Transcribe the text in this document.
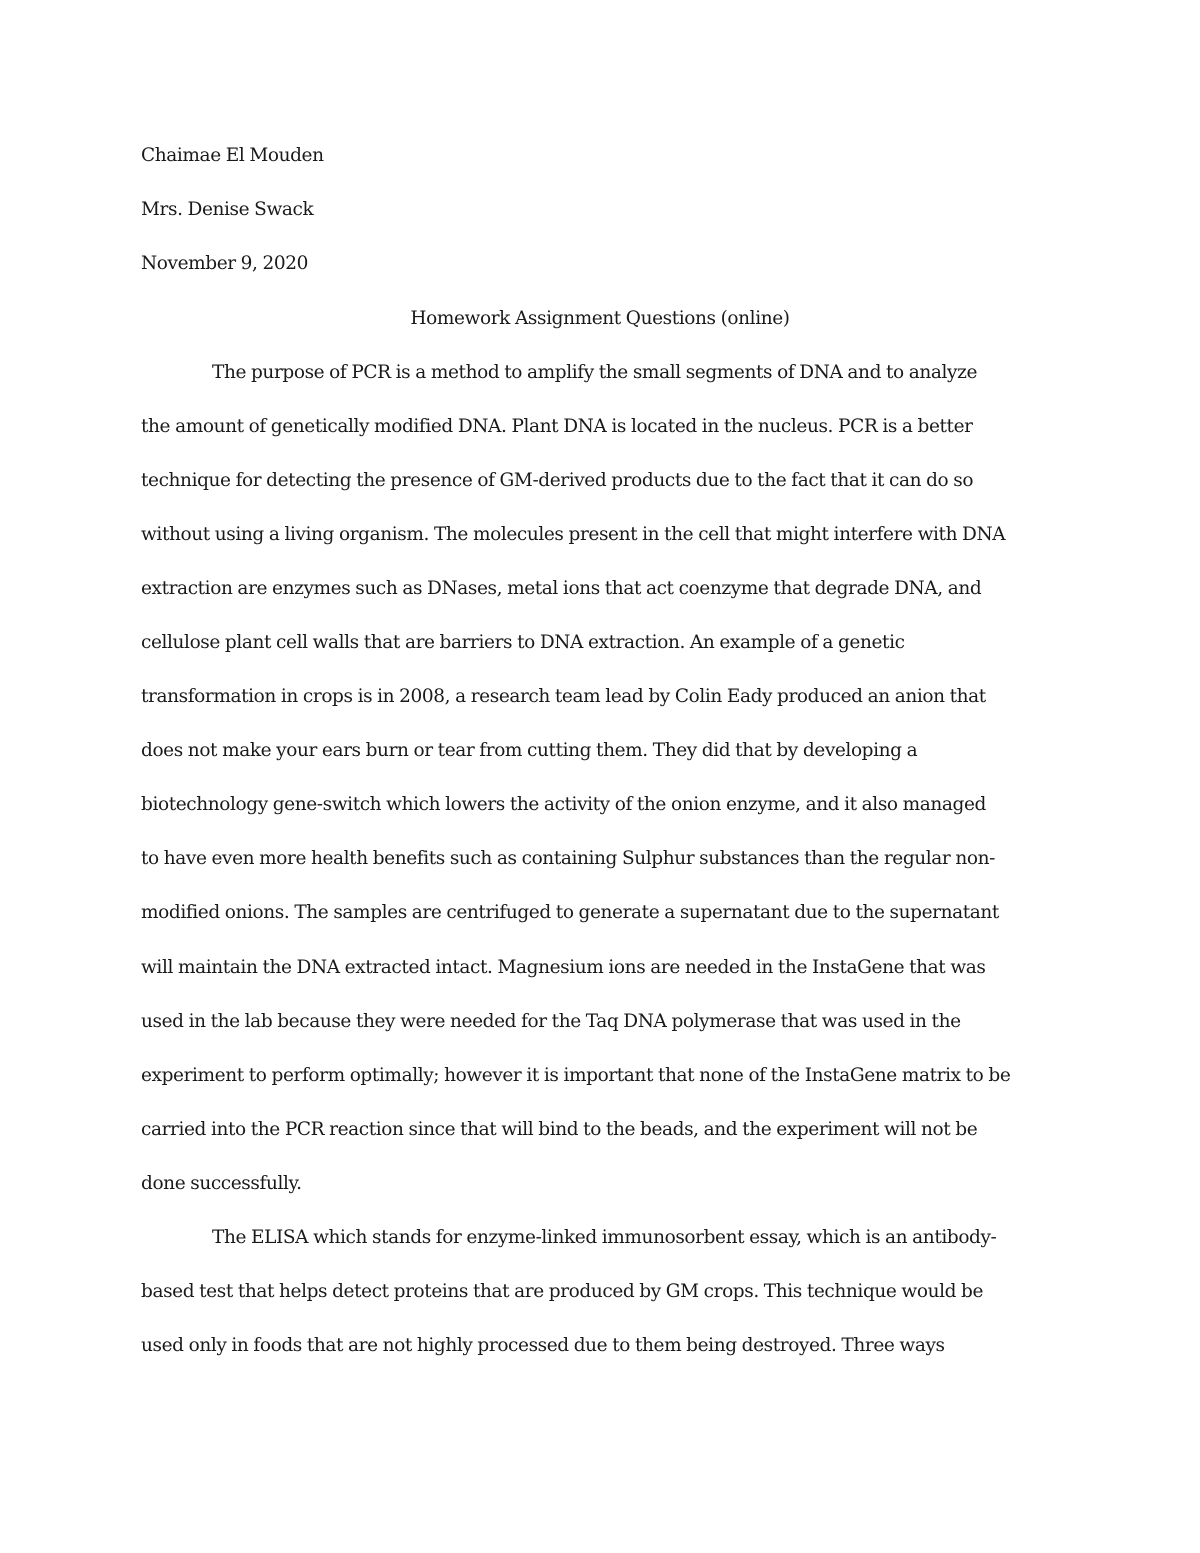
Chaimae El Mouden
Mrs. Denise Swack
November 9, 2020
Homework Assignment Questions (online)
The purpose of PCR is a method to amplify the small segments of DNA and to analyze
the amount of genetically modified DNA. Plant DNA is located in the nucleus. PCR is a better
technique for detecting the presence of GM-derived products due to the fact that it can do so
without using a living organism. The molecules present in the cell that might interfere with DNA
extraction are enzymes such as DNases, metal ions that act coenzyme that degrade DNA, and
cellulose plant cell walls that are barriers to DNA extraction. An example of a genetic
transformation in crops is in 2008, a research team lead by Colin Eady produced an anion that
does not make your ears burn or tear from cutting them. They did that by developing a
biotechnology gene-switch which lowers the activity of the onion enzyme, and it also managed
to have even more health benefits such as containing Sulphur substances than the regular non-
modified onions. The samples are centrifuged to generate a supernatant due to the supernatant
will maintain the DNA extracted intact. Magnesium ions are needed in the InstaGene that was
used in the lab because they were needed for the Taq DNA polymerase that was used in the
experiment to perform optimally; however it is important that none of the InstaGene matrix to be
carried into the PCR reaction since that will bind to the beads, and the experiment will not be
done successfully.
The ELISA which stands for enzyme-linked immunosorbent essay, which is an antibody-
based test that helps detect proteins that are produced by GM crops. This technique would be
used only in foods that are not highly processed due to them being destroyed. Three ways
